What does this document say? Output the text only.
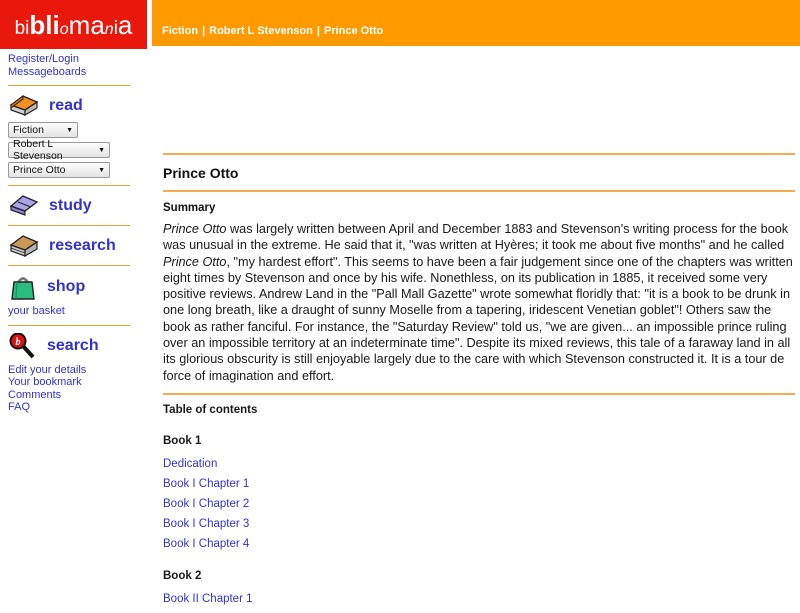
b i bli o ma n i a	Fiction | Robert L Stevenson | Prince Otto
Register/Login
Messageboards
read
Fiction	▼
Robert L Stevenson	▼
Prince Otto	▼
study
research
shop
your basket
b search
Edit your details
Your bookmark
Comments
FAQ
Prince Otto
Summary

Prince Otto was largely written between April and December 1883 and Stevenson's writing process for the book was unusual in the extreme. He said that it, "was written at Hyères; it took me about five months" and he called Prince Otto, "my hardest effort". This seems to have been a fair judgement since one of the chapters was written eight times by Stevenson and once by his wife. Nonethless, on its publication in 1885, it received some very positive reviews. Andrew Land in the "Pall Mall Gazette" wrote somewhat floridly that: "it is a book to be drunk in one long breath, like a draught of sunny Moselle from a tapering, iridescent Venetian goblet"! Others saw the book as rather fanciful. For instance, the "Saturday Review" told us, "we are given... an impossible prince ruling over an impossible territory at an indeterminate time". Despite its mixed reviews, this tale of a faraway land in all its glorious obscurity is still enjoyable largely due to the care with which Stevenson constructed it. It is a tour de force of imagination and effort.

Table of contents
Book 1
Dedication
Book I Chapter 1
Book I Chapter 2
Book I Chapter 3
Book I Chapter 4
Book 2
Book II Chapter 1
